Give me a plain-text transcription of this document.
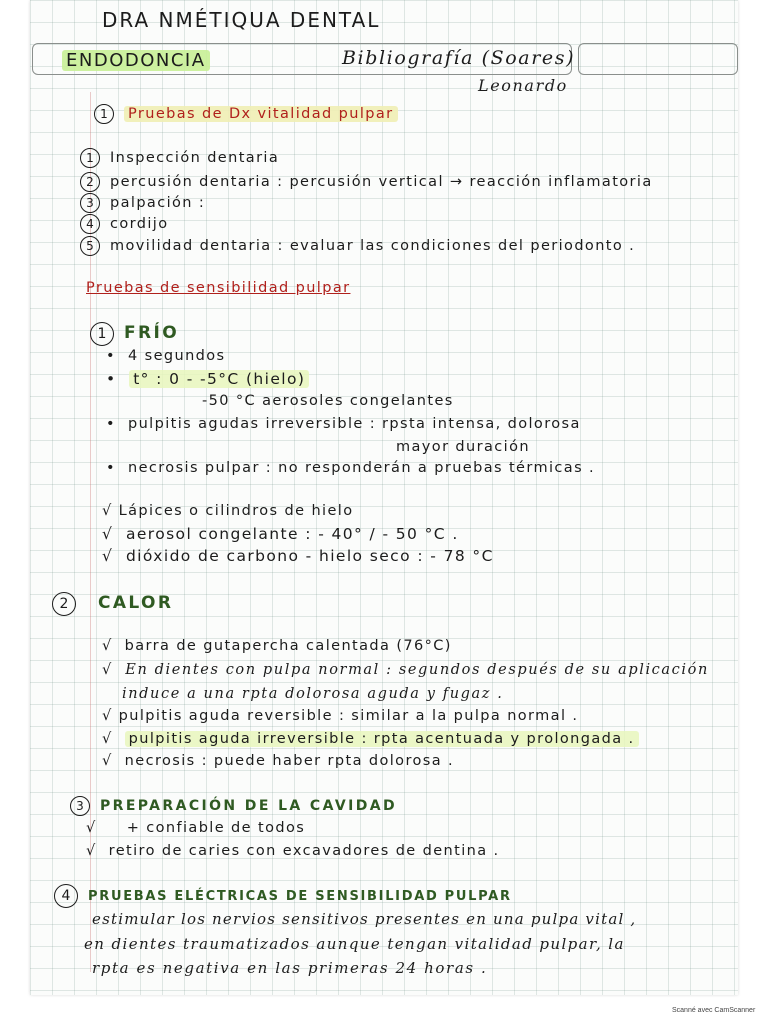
DRA NMÉTIQUA DENTAL
ENDODONCIA	Bibliografía (Soares)
Leonardo
1 Pruebas de Dx vitalidad pulpar
1 Inspección dentaria
2 percusión dentaria : percusión vertical → reacción inflamatoria
3 palpación :
4 cordijo
5 movilidad dentaria : evaluar las condiciones del periodonto .
Pruebas de sensibilidad pulpar
1 FRÍO
• 4 segundos
• t° : 0 - -5°C (hielo)
-50 °C aerosoles congelantes
• pulpitis agudas irreversible : rpsta intensa, dolorosa
mayor duración
• necrosis pulpar : no responderán a pruebas térmicas .
√ Lápices o cilindros de hielo
√ aerosol congelante : - 40° / - 50 °C .
√ dióxido de carbono - hielo seco : - 78 °C
2 CALOR
√ barra de gutapercha calentada (76°C)
√ En dientes con pulpa normal : segundos después de su aplicación
induce a una rpta dolorosa aguda y fugaz .
√ pulpitis aguda reversible : similar a la pulpa normal .
√ pulpitis aguda irreversible : rpta acentuada y prolongada .
√ necrosis : puede haber rpta dolorosa .
3 PREPARACIÓN DE LA CAVIDAD
√ + confiable de todos
√ retiro de caries con excavadores de dentina .
4 PRUEBAS ELÉCTRICAS DE SENSIBILIDAD PULPAR
estimular los nervios sensitivos presentes en una pulpa vital ,
en dientes traumatizados aunque tengan vitalidad pulpar, la
rpta es negativa en las primeras 24 horas .
Scanné avec CamScanner
